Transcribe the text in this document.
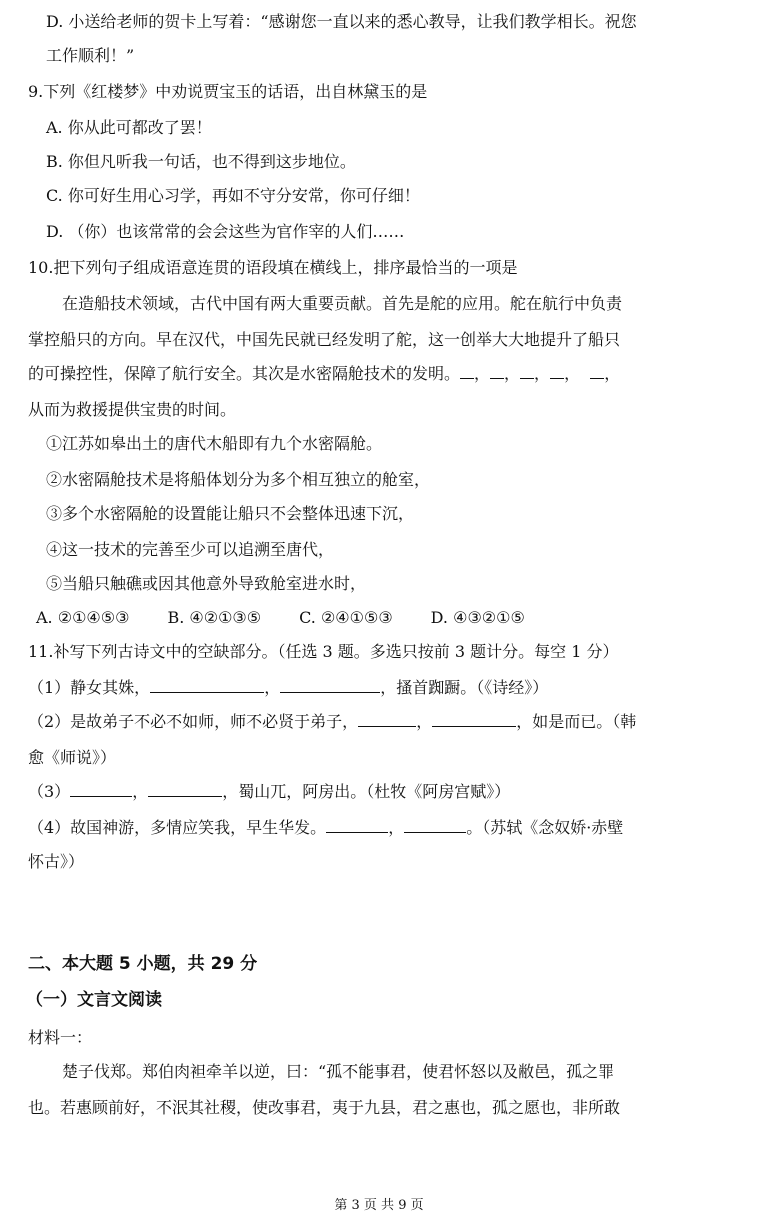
D. 小送给老师的贺卡上写着：“感谢您一直以来的悉心教导，让我们教学相长。祝您
工作顺利！”
9.下列《红楼梦》中劝说贾宝玉的话语，出自林黛玉的是
A. 你从此可都改了罢！
B. 你但凡听我一句话，也不得到这步地位。
C. 你可好生用心习学，再如不守分安常，你可仔细！
D. （你）也该常常的会会这些为官作宰的人们……
10.把下列句子组成语意连贯的语段填在横线上，排序最恰当的一项是
在造船技术领域，古代中国有两大重要贡献。首先是舵的应用。舵在航行中负责
掌控船只的方向。早在汉代，中国先民就已经发明了舵，这一创举大大地提升了船只
的可操控性，保障了航行安全。其次是水密隔舱技术的发明。 ， ， ， ， ，
从而为救援提供宝贵的时间。
①江苏如皋出土的唐代木船即有九个水密隔舱。
②水密隔舱技术是将船体划分为多个相互独立的舱室，
③多个水密隔舱的设置能让船只不会整体迅速下沉，
④这一技术的完善至少可以追溯至唐代，
⑤当船只触礁或因其他意外导致舱室进水时，
A. ②①④⑤③ B. ④②①③⑤ C. ②④①⑤③ D. ④③②①⑤
11.补写下列古诗文中的空缺部分。（任选 3 题。多选只按前 3 题计分。每空 1 分）
（1）静女其姝，	，	，搔首踟蹰。（《诗经》）
（2）是故弟子不必不如师，师不必贤于弟子，	，	，如是而已。（韩
愈《师说》）
（3）	，	，蜀山兀，阿房出。（杜牧《阿房宫赋》）
（4）故国神游，多情应笑我，早生华发。	，	。（苏轼《念奴娇·赤壁
怀古》）
二、本大题 5 小题，共 29 分
（一）文言文阅读
材料一：
楚子伐郑。郑伯肉袒牵羊以逆，曰：“孤不能事君，使君怀怒以及敝邑，孤之罪
也。若惠顾前好，不泯其社稷，使改事君，夷于九县，君之惠也，孤之愿也，非所敢
第 3 页 共 9 页
